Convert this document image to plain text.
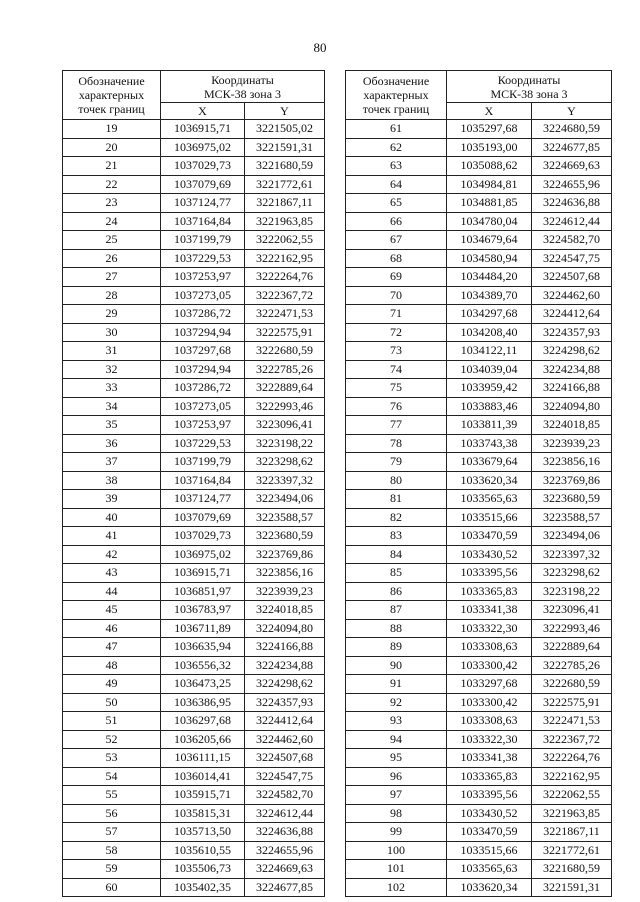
80
Обозначение
характерных
точек границ	Координаты
МСК-38 зона 3	
	X	Y
19	1036915,71	3221505,02
20	1036975,02	3221591,31
21	1037029,73	3221680,59
22	1037079,69	3221772,61
23	1037124,77	3221867,11
24	1037164,84	3221963,85
25	1037199,79	3222062,55
26	1037229,53	3222162,95
27	1037253,97	3222264,76
28	1037273,05	3222367,72
29	1037286,72	3222471,53
30	1037294,94	3222575,91
31	1037297,68	3222680,59
32	1037294,94	3222785,26
33	1037286,72	3222889,64
34	1037273,05	3222993,46
35	1037253,97	3223096,41
36	1037229,53	3223198,22
37	1037199,79	3223298,62
38	1037164,84	3223397,32
39	1037124,77	3223494,06
40	1037079,69	3223588,57
41	1037029,73	3223680,59
42	1036975,02	3223769,86
43	1036915,71	3223856,16
44	1036851,97	3223939,23
45	1036783,97	3224018,85
46	1036711,89	3224094,80
47	1036635,94	3224166,88
48	1036556,32	3224234,88
49	1036473,25	3224298,62
50	1036386,95	3224357,93
51	1036297,68	3224412,64
52	1036205,66	3224462,60
53	1036111,15	3224507,68
54	1036014,41	3224547,75
55	1035915,71	3224582,70
56	1035815,31	3224612,44
57	1035713,50	3224636,88
58	1035610,55	3224655,96
59	1035506,73	3224669,63
60	1035402,35	3224677,85
Обозначение
характерных
точек границ	Координаты
МСК-38 зона 3	
	X	Y
61	1035297,68	3224680,59
62	1035193,00	3224677,85
63	1035088,62	3224669,63
64	1034984,81	3224655,96
65	1034881,85	3224636,88
66	1034780,04	3224612,44
67	1034679,64	3224582,70
68	1034580,94	3224547,75
69	1034484,20	3224507,68
70	1034389,70	3224462,60
71	1034297,68	3224412,64
72	1034208,40	3224357,93
73	1034122,11	3224298,62
74	1034039,04	3224234,88
75	1033959,42	3224166,88
76	1033883,46	3224094,80
77	1033811,39	3224018,85
78	1033743,38	3223939,23
79	1033679,64	3223856,16
80	1033620,34	3223769,86
81	1033565,63	3223680,59
82	1033515,66	3223588,57
83	1033470,59	3223494,06
84	1033430,52	3223397,32
85	1033395,56	3223298,62
86	1033365,83	3223198,22
87	1033341,38	3223096,41
88	1033322,30	3222993,46
89	1033308,63	3222889,64
90	1033300,42	3222785,26
91	1033297,68	3222680,59
92	1033300,42	3222575,91
93	1033308,63	3222471,53
94	1033322,30	3222367,72
95	1033341,38	3222264,76
96	1033365,83	3222162,95
97	1033395,56	3222062,55
98	1033430,52	3221963,85
99	1033470,59	3221867,11
100	1033515,66	3221772,61
101	1033565,63	3221680,59
102	1033620,34	3221591,31
